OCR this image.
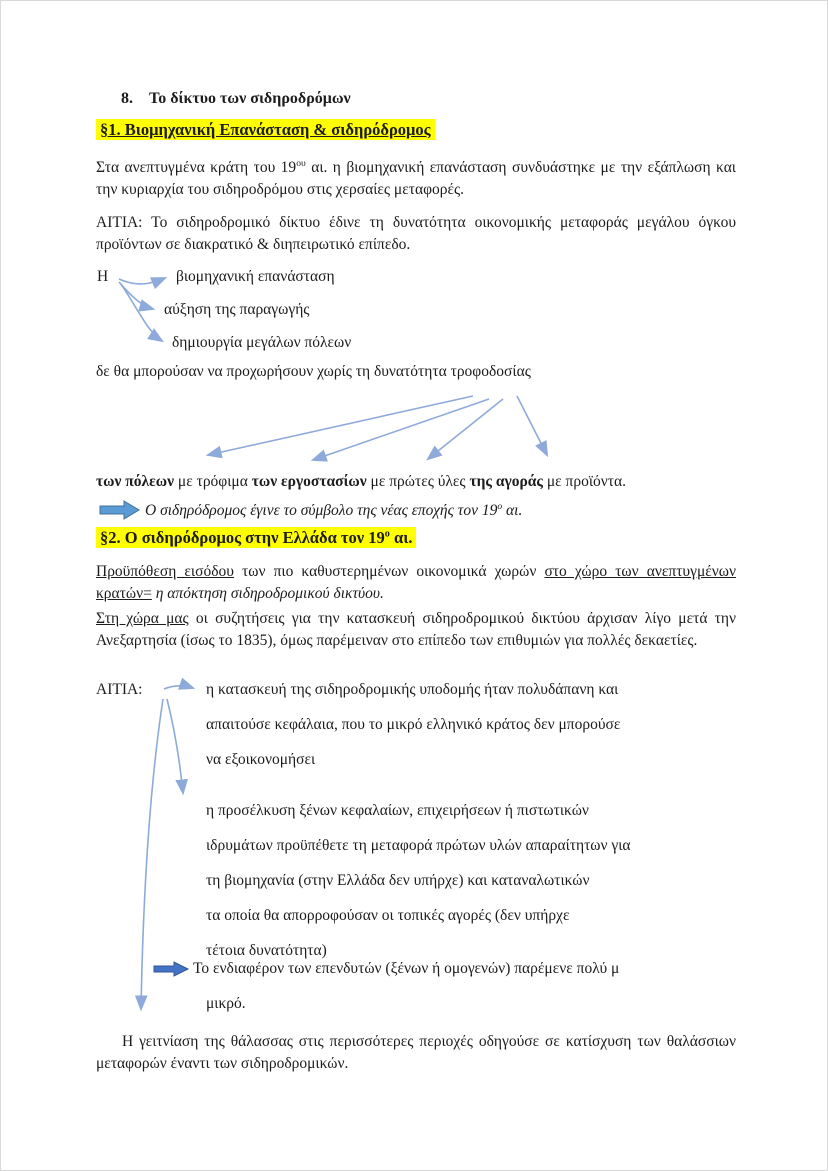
8. Το δίκτυο των σιδηροδρόμων
§1. Βιομηχανική Επανάσταση & σιδηρόδρομος
Στα ανεπτυγμένα κράτη του $19^{o\upsilon}$ αι. η βιομηχανική επανάσταση συνδυάστηκε με την εξάπλωση και την κυριαρχία του σιδηροδρόμου στις χερσαίες μεταφορές.
ΑΙΤΙΑ: Το σιδηροδρομικό δίκτυο έδινε τη δυνατότητα οικονομικής μεταφοράς μεγάλου όγκου προϊόντων σε διακρατικό & διηπειρωτικό επίπεδο.
Η	βιομηχανική επανάσταση
αύξηση της παραγωγής
δημιουργία μεγάλων πόλεων
δε θα μπορούσαν να προχωρήσουν χωρίς τη δυνατότητα τροφοδοσίας
των πόλεων με τρόφιμα των εργοστασίων με πρώτες ύλες της αγοράς με προϊόντα.
Ο σιδηρόδρομος έγινε το σύμβολο της νέας εποχής τον $19^o$ αι.
§2. Ο σιδηρόδρομος στην Ελλάδα τον $19^o$ αι.
Προϋπόθεση εισόδου των πιο καθυστερημένων οικονομικά χωρών στο χώρο των ανεπτυγμένων κρατών= η απόκτηση σιδηροδρομικού δικτύου.
Στη χώρα μας οι συζητήσεις για την κατασκευή σιδηροδρομικού δικτύου άρχισαν λίγο μετά την Ανεξαρτησία (ίσως το 1835), όμως παρέμειναν στο επίπεδο των επιθυμιών για πολλές δεκαετίες.
ΑΙΤΙΑ:	η κατασκευή της σιδηροδρομικής υποδομής ήταν πολυδάπανη και
απαιτούσε κεφάλαια, που το μικρό ελληνικό κράτος δεν μπορούσε
να εξοικονομήσει
η προσέλκυση ξένων κεφαλαίων, επιχειρήσεων ή πιστωτικών
ιδρυμάτων προϋπέθετε τη μεταφορά πρώτων υλών απαραίτητων για
τη βιομηχανία (στην Ελλάδα δεν υπήρχε) και καταναλωτικών
τα οποία θα απορροφούσαν οι τοπικές αγορές (δεν υπήρχε
τέτοια δυνατότητα)
Το ενδιαφέρον των επενδυτών (ξένων ή ομογενών) παρέμενε πολύ μ
μικρό.
Η γειτνίαση της θάλασσας στις περισσότερες περιοχές οδηγούσε σε κατίσχυση των θαλάσσιων μεταφορών έναντι των σιδηροδρομικών.
